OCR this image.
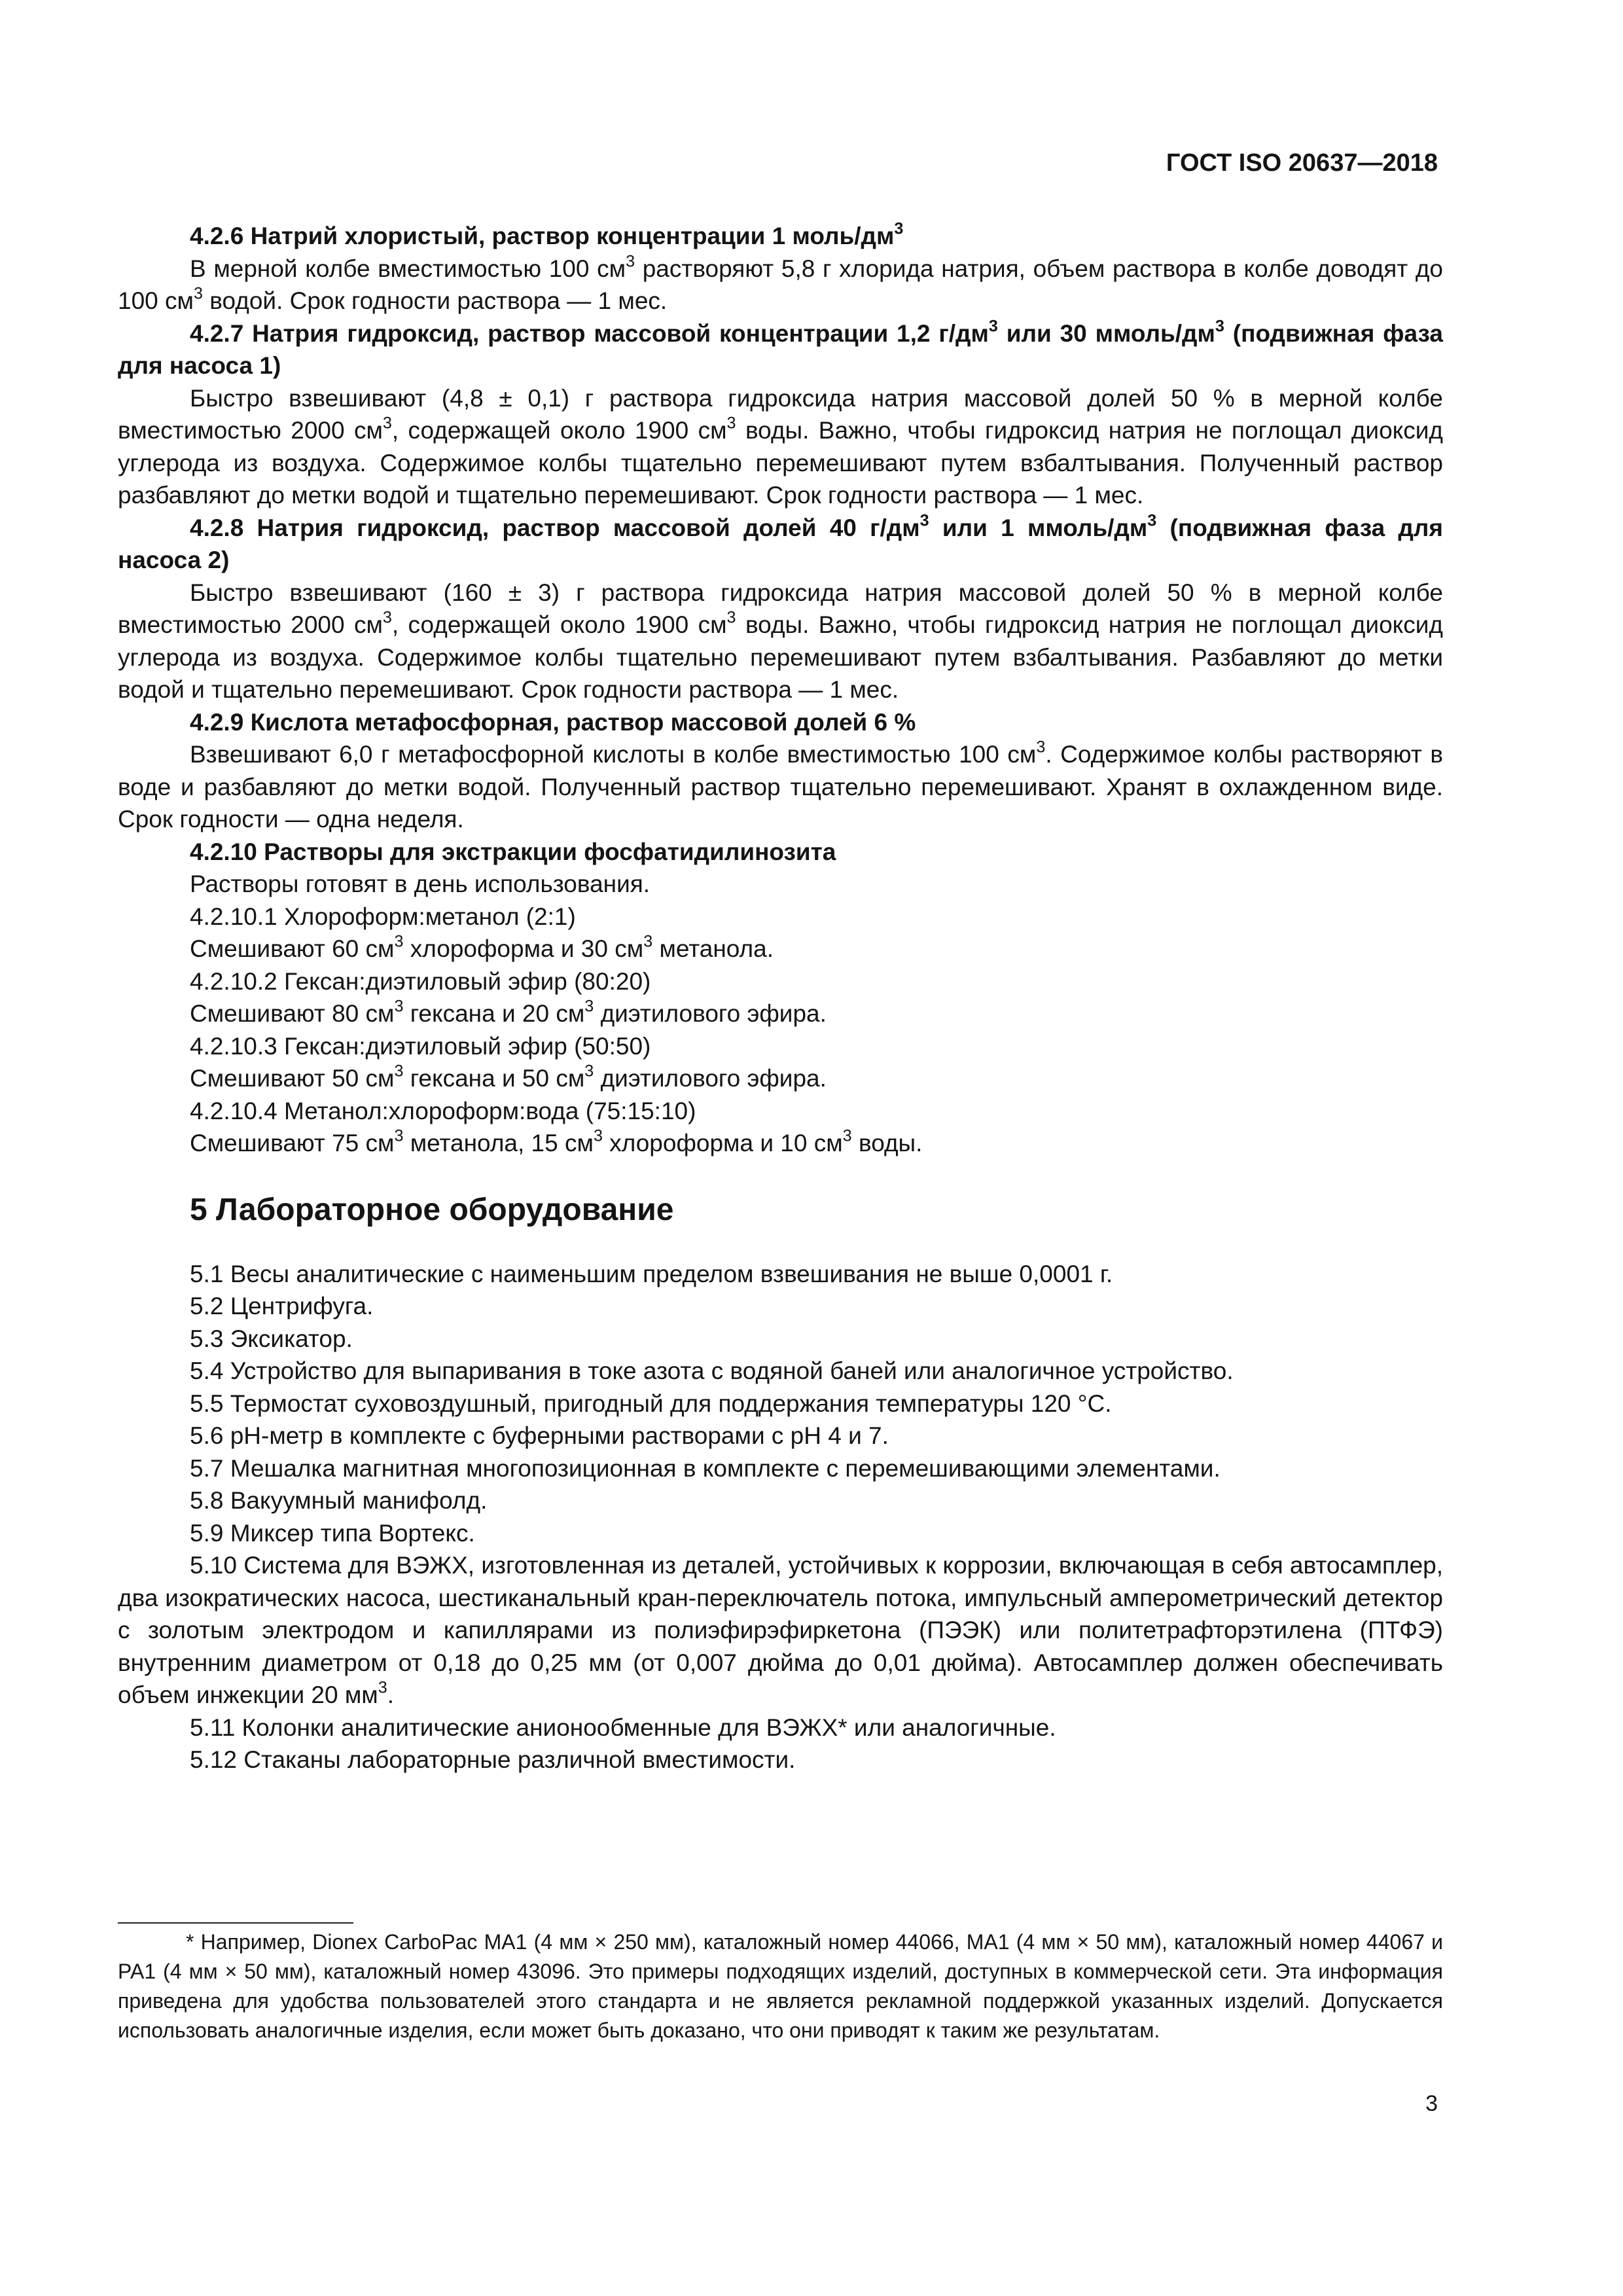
ГОСТ ISO 20637—2018

4.2.6 Натрий хлористый, раствор концентрации 1 моль/$дм^3$

В мерной колбе вместимостью 100 $см^3$ растворяют 5,8 г хлорида натрия, объем раствора в колбе доводят до 100 $см^3$ водой. Срок годности раствора — 1 мес.

4.2.7 Натрия гидроксид, раствор массовой концентрации 1,2 $г/дм^3$ или 30 ммоль/$дм^3$ (подвижная фаза для насоса 1)

Быстро взвешивают (4,8 ± 0,1) г раствора гидроксида натрия массовой долей 50 % в мерной колбе вместимостью 2000 $см^3$, содержащей около 1900 $см^3$ воды. Важно, чтобы гидроксид натрия не поглощал диоксид углерода из воздуха. Содержимое колбы тщательно перемешивают путем взбалтывания. Полученный раствор разбавляют до метки водой и тщательно перемешивают. Срок годности раствора — 1 мес.

4.2.8 Натрия гидроксид, раствор массовой долей 40 $г/дм^3$ или 1 ммоль/$дм^3$ (подвижная фаза для насоса 2)

Быстро взвешивают (160 ± 3) г раствора гидроксида натрия массовой долей 50 % в мерной колбе вместимостью 2000 $см^3$, содержащей около 1900 $см^3$ воды. Важно, чтобы гидроксид натрия не поглощал диоксид углерода из воздуха. Содержимое колбы тщательно перемешивают путем взбалтывания. Разбавляют до метки водой и тщательно перемешивают. Срок годности раствора — 1 мес.

4.2.9 Кислота метафосфорная, раствор массовой долей 6 %

Взвешивают 6,0 г метафосфорной кислоты в колбе вместимостью 100 $см^3$. Содержимое колбы растворяют в воде и разбавляют до метки водой. Полученный раствор тщательно перемешивают. Хранят в охлажденном виде. Срок годности — одна неделя.

4.2.10 Растворы для экстракции фосфатидилинозита

Растворы готовят в день использования.

4.2.10.1 Хлороформ:метанол (2:1)

Смешивают 60 $см^3$ хлороформа и 30 $см^3$ метанола.

4.2.10.2 Гексан:диэтиловый эфир (80:20)

Смешивают 80 $см^3$ гексана и 20 $см^3$ диэтилового эфира.

4.2.10.3 Гексан:диэтиловый эфир (50:50)

Смешивают 50 $см^3$ гексана и 50 $см^3$ диэтилового эфира.

4.2.10.4 Метанол:хлороформ:вода (75:15:10)

Смешивают 75 $см^3$ метанола, 15 $см^3$ хлороформа и 10 $см^3$ воды.

5 Лабораторное оборудование

5.1 Весы аналитические с наименьшим пределом взвешивания не выше 0,0001 г.

5.2 Центрифуга.

5.3 Эксикатор.

5.4 Устройство для выпаривания в токе азота с водяной баней или аналогичное устройство.

5.5 Термостат суховоздушный, пригодный для поддержания температуры 120 °С.

5.6 рН-метр в комплекте с буферными растворами с рН 4 и 7.

5.7 Мешалка магнитная многопозиционная в комплекте с перемешивающими элементами.

5.8 Вакуумный манифолд.

5.9 Миксер типа Вортекс.

5.10 Система для ВЭЖХ, изготовленная из деталей, устойчивых к коррозии, включающая в себя автосамплер, два изократических насоса, шестиканальный кран-переключатель потока, импульсный амперометрический детектор с золотым электродом и капиллярами из полиэфирэфиркетона (ПЭЭК) или политетрафторэтилена (ПТФЭ) внутренним диаметром от 0,18 до 0,25 мм (от 0,007 дюйма до 0,01 дюйма). Автосамплер должен обеспечивать объем инжекции 20 $мм^3$.

5.11 Колонки аналитические анионообменные для ВЭЖХ* или аналогичные.

5.12 Стаканы лабораторные различной вместимости.

* Например, Dionex CarboPac MA1 (4 мм × 250 мм), каталожный номер 44066, MA1 (4 мм × 50 мм), каталожный номер 44067 и PA1 (4 мм × 50 мм), каталожный номер 43096. Это примеры подходящих изделий, доступных в коммерческой сети. Эта информация приведена для удобства пользователей этого стандарта и не является рекламной поддержкой указанных изделий. Допускается использовать аналогичные изделия, если может быть доказано, что они приводят к таким же результатам.
3
